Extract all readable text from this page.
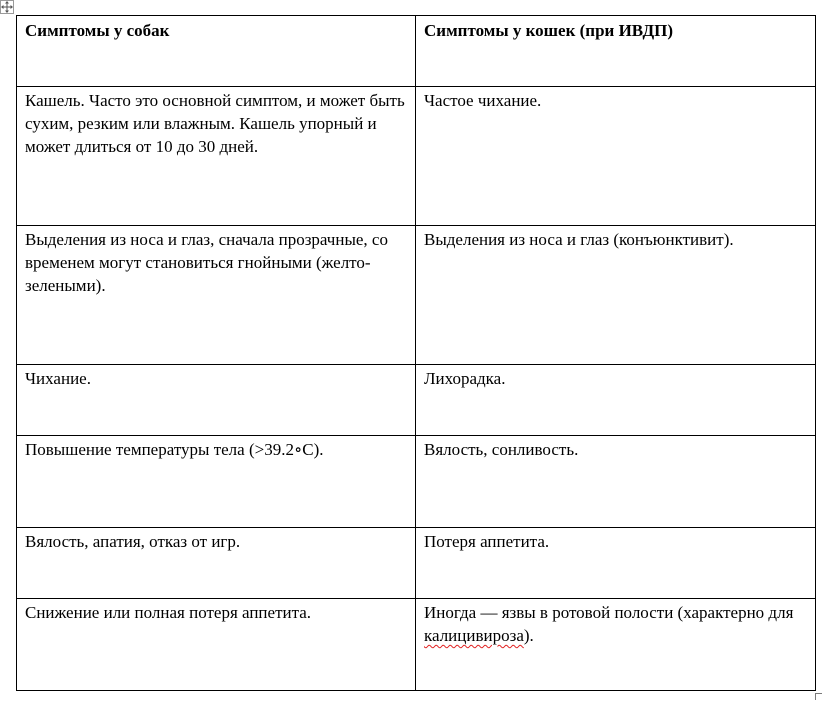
Симптомы у собак	Симптомы у кошек (при ИВДП)
Кашель. Часто это основной симптом, и может быть сухим, резким или влажным. Кашель упорный и может длиться от 10 до 30 дней.	Частое чихание.
Выделения из носа и глаз, сначала прозрачные, со временем могут становиться гнойными (желто-зелеными).	Выделения из носа и глаз (конъюнктивит).
Чихание.	Лихорадка.
Повышение температуры тела (>39.2∘C).	Вялость, сонливость.
Вялость, апатия, отказ от игр.	Потеря аппетита.
Снижение или полная потеря аппетита.	Иногда — язвы в ротовой полости (характерно для калицивироза).
